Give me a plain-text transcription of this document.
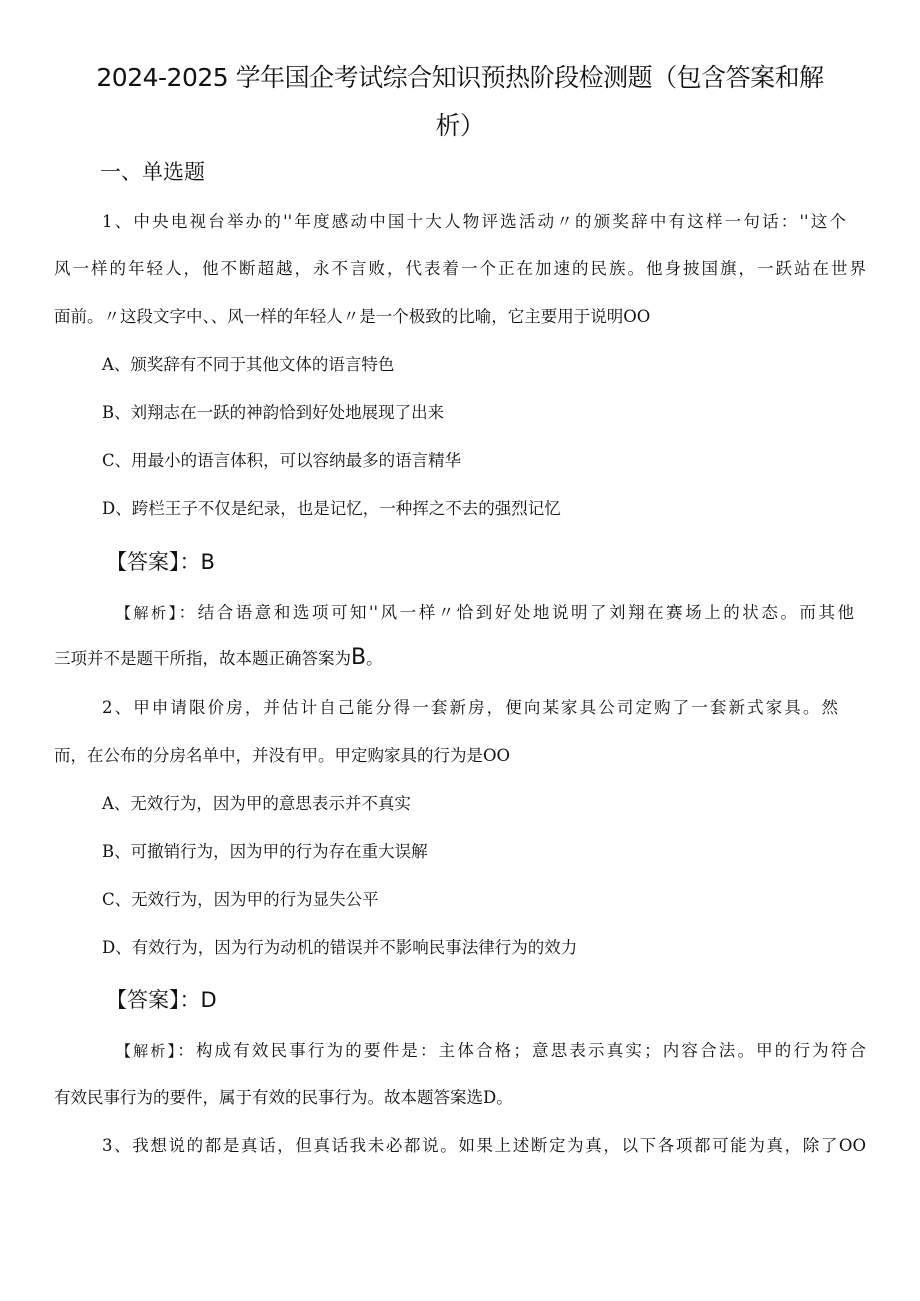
2024-2025 学年国企考试综合知识预热阶段检测题（包含答案和解
析）
一、单选题
1、中央电视台举办的''年度感动中国十大人物评选活动〃的颁奖辞中有这样一句话：''这个
风一样的年轻人，他不断超越，永不言败，代表着一个正在加速的民族。他身披国旗，一跃站在世界
面前。〃这段文字中、、风一样的年轻人〃是一个极致的比喻，它主要用于说明OO
A、颁奖辞有不同于其他文体的语言特色
B、刘翔志在一跃的神韵恰到好处地展现了出来
C、用最小的语言体积，可以容纳最多的语言精华
D、跨栏王子不仅是纪录，也是记忆，一种挥之不去的强烈记忆
【答案】：B
【解析】：结合语意和选项可知''风一样〃恰到好处地说明了刘翔在赛场上的状态。而其他
三项并不是题干所指，故本题正确答案为B。
2、甲申请限价房，并估计自己能分得一套新房，便向某家具公司定购了一套新式家具。然
而，在公布的分房名单中，并没有甲。甲定购家具的行为是OO
A、无效行为，因为甲的意思表示并不真实
B、可撤销行为，因为甲的行为存在重大误解
C、无效行为，因为甲的行为显失公平
D、有效行为，因为行为动机的错误并不影响民事法律行为的效力
【答案】：D
【解析】：构成有效民事行为的要件是：主体合格；意思表示真实；内容合法。甲的行为符合
有效民事行为的要件，属于有效的民事行为。故本题答案选D。
3、我想说的都是真话，但真话我未必都说。如果上述断定为真，以下各项都可能为真，除了OO
